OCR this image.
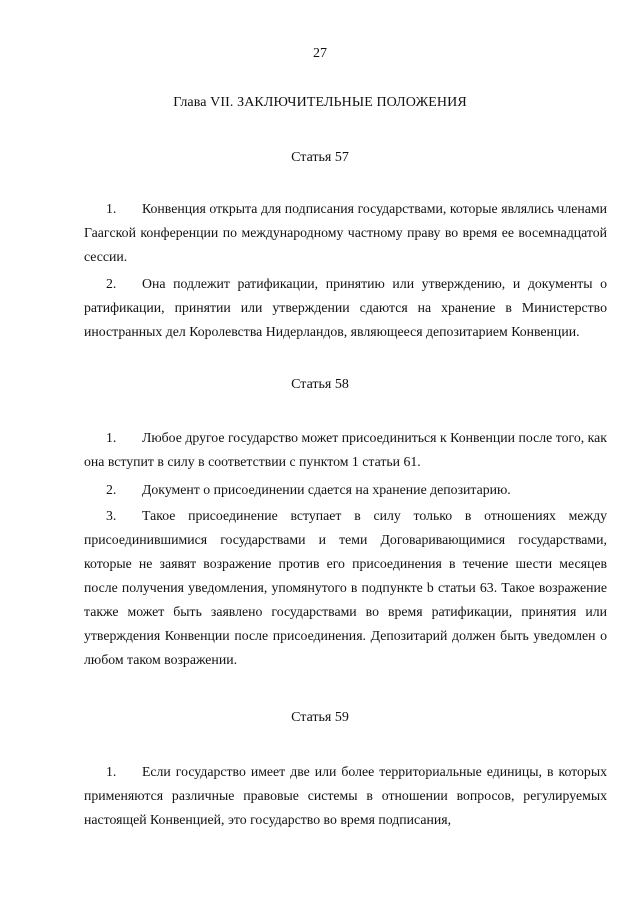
27
Глава VII. ЗАКЛЮЧИТЕЛЬНЫЕ ПОЛОЖЕНИЯ
Статья 57
1. Конвенция открыта для подписания государствами, которые являлись членами Гаагской конференции по международному частному праву во время ее восемнадцатой сессии.
2. Она подлежит ратификации, принятию или утверждению, и документы о ратификации, принятии или утверждении сдаются на хранение в Министерство иностранных дел Королевства Нидерландов, являющееся депозитарием Конвенции.
Статья 58
1. Любое другое государство может присоединиться к Конвенции после того, как она вступит в силу в соответствии с пунктом 1 статьи 61.
2. Документ о присоединении сдается на хранение депозитарию.
3. Такое присоединение вступает в силу только в отношениях между присоединившимися государствами и теми Договаривающимися государствами, которые не заявят возражение против его присоединения в течение шести месяцев после получения уведомления, упомянутого в подпункте b статьи 63. Такое возражение также может быть заявлено государствами во время ратификации, принятия или утверждения Конвенции после присоединения. Депозитарий должен быть уведомлен о любом таком возражении.
Статья 59
1. Если государство имеет две или более территориальные единицы, в которых применяются различные правовые системы в отношении вопросов, регулируемых настоящей Конвенцией, это государство во время подписания,
